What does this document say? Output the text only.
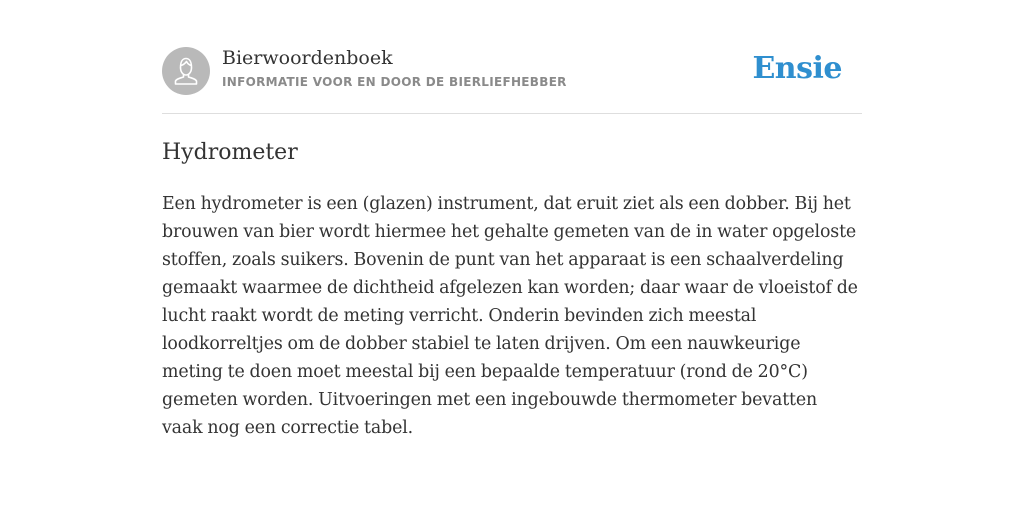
Bierwoordenboek
INFORMATIE VOOR EN DOOR DE BIERLIEFHEBBER	Ensie
Hydrometer

Een hydrometer is een (glazen) instrument, dat eruit ziet als een dobber. Bij het brouwen van bier wordt hiermee het gehalte gemeten van de in water opgeloste stoffen, zoals suikers. Bovenin de punt van het apparaat is een schaalverdeling gemaakt waarmee de dichtheid afgelezen kan worden; daar waar de vloeistof de lucht raakt wordt de meting verricht. Onderin bevinden zich meestal loodkorreltjes om de dobber stabiel te laten drijven. Om een nauwkeurige meting te doen moet meestal bij een bepaalde temperatuur (rond de 20°C) gemeten worden. Uitvoeringen met een ingebouwde thermometer bevatten vaak nog een correctie tabel.
